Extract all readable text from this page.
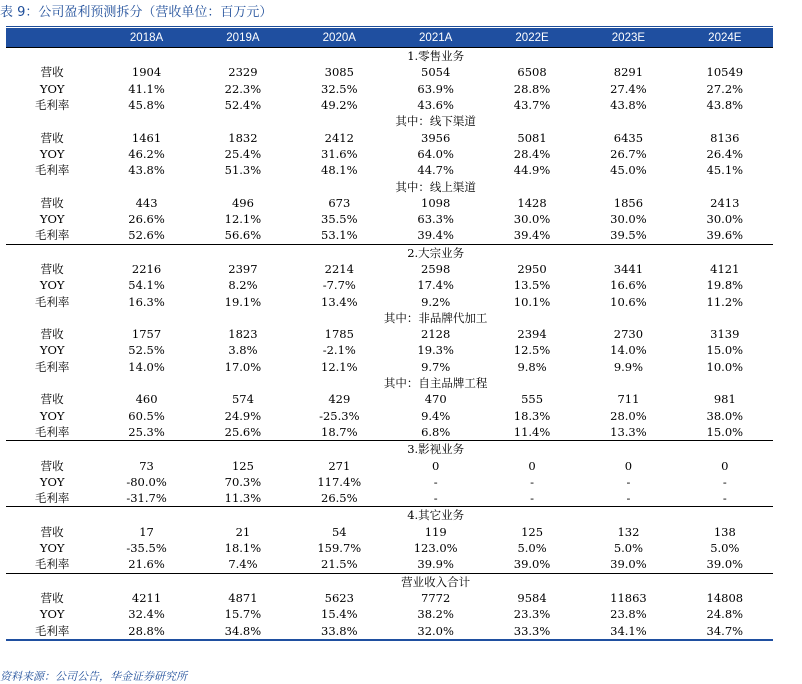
表 9：公司盈利预测拆分（营收单位：百万元）
	2018A	2019A	2020A	2021A	2022E	2023E	2024E
	1.零售业务						
营收	1904	2329	3085	5054	6508	8291	10549
YOY	41.1%	22.3%	32.5%	63.9%	28.8%	27.4%	27.2%
毛利率	45.8%	52.4%	49.2%	43.6%	43.7%	43.8%	43.8%
	其中：线下渠道						
营收	1461	1832	2412	3956	5081	6435	8136
YOY	46.2%	25.4%	31.6%	64.0%	28.4%	26.7%	26.4%
毛利率	43.8%	51.3%	48.1%	44.7%	44.9%	45.0%	45.1%
	其中：线上渠道						
营收	443	496	673	1098	1428	1856	2413
YOY	26.6%	12.1%	35.5%	63.3%	30.0%	30.0%	30.0%
毛利率	52.6%	56.6%	53.1%	39.4%	39.4%	39.5%	39.6%
	2.大宗业务						
营收	2216	2397	2214	2598	2950	3441	4121
YOY	54.1%	8.2%	-7.7%	17.4%	13.5%	16.6%	19.8%
毛利率	16.3%	19.1%	13.4%	9.2%	10.1%	10.6%	11.2%
	其中：非品牌代加工						
营收	1757	1823	1785	2128	2394	2730	3139
YOY	52.5%	3.8%	-2.1%	19.3%	12.5%	14.0%	15.0%
毛利率	14.0%	17.0%	12.1%	9.7%	9.8%	9.9%	10.0%
	其中：自主品牌工程						
营收	460	574	429	470	555	711	981
YOY	60.5%	24.9%	-25.3%	9.4%	18.3%	28.0%	38.0%
毛利率	25.3%	25.6%	18.7%	6.8%	11.4%	13.3%	15.0%
	3.影视业务						
营收	73	125	271	0	0	0	0
YOY	-80.0%	70.3%	117.4%	-	-	-	-
毛利率	-31.7%	11.3%	26.5%	-	-	-	-
	4.其它业务						
营收	17	21	54	119	125	132	138
YOY	-35.5%	18.1%	159.7%	123.0%	5.0%	5.0%	5.0%
毛利率	21.6%	7.4%	21.5%	39.9%	39.0%	39.0%	39.0%
	营业收入合计						
营收	4211	4871	5623	7772	9584	11863	14808
YOY	32.4%	15.7%	15.4%	38.2%	23.3%	23.8%	24.8%
毛利率	28.8%	34.8%	33.8%	32.0%	33.3%	34.1%	34.7%
资料来源：公司公告，华金证券研究所
